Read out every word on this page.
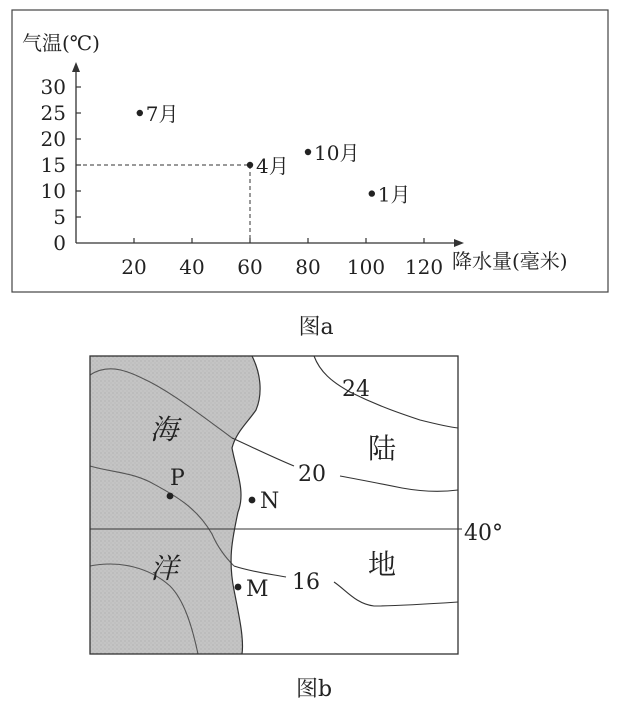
气温(℃)
降水量(毫米)
0
5
10
15
20
25
30
20 40 60 80 100 120
7月
4月
10月
1月
图a
24
20
16
40°
海
洋
陆
地
P
N
M
图b
